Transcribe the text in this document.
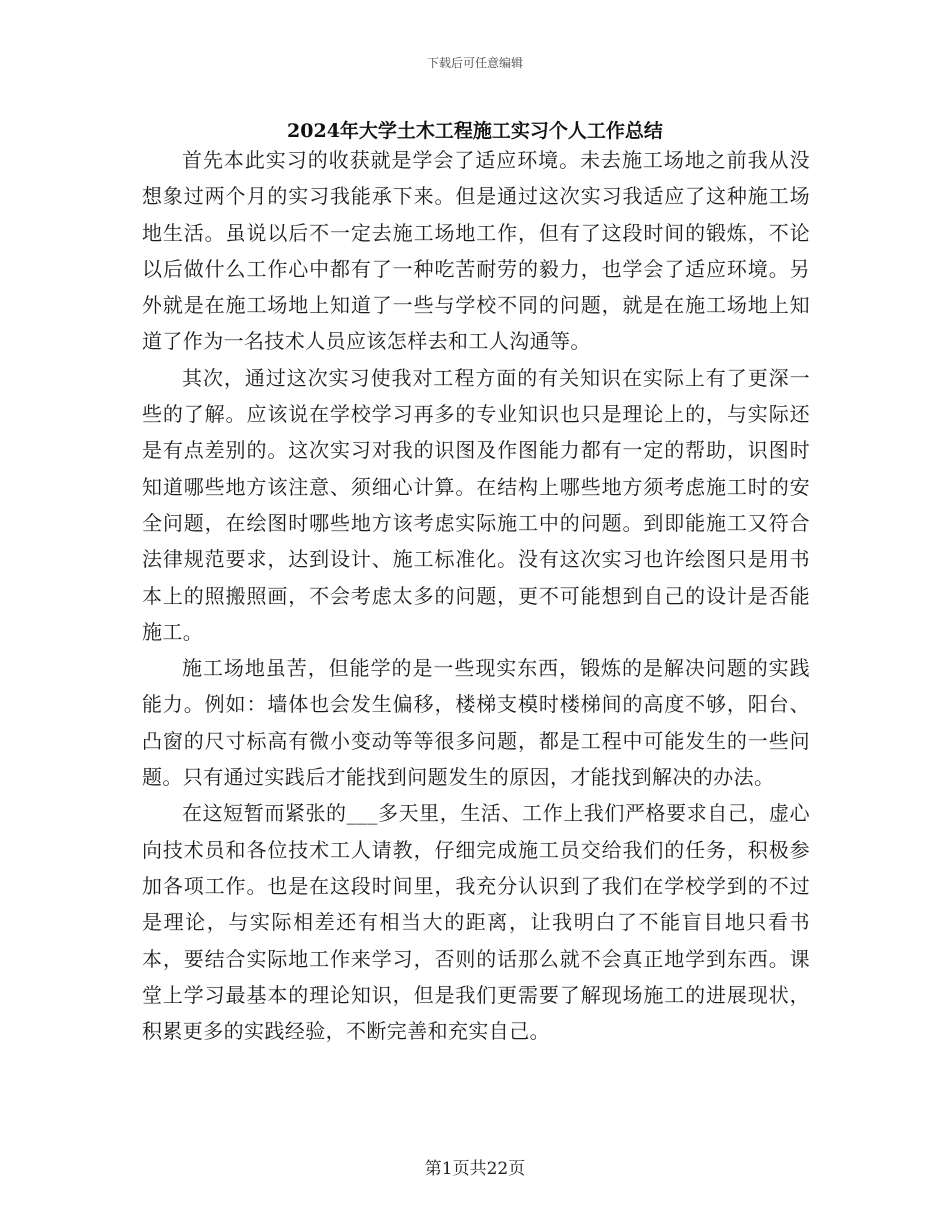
下载后可任意编辑
2024年大学土木工程施工实习个人工作总结

首先本此实习的收获就是学会了适应环境。未去施工场地之前我从没想象过两个月的实习我能承下来。但是通过这次实习我适应了这种施工场地生活。虽说以后不一定去施工场地工作，但有了这段时间的锻炼，不论以后做什么工作心中都有了一种吃苦耐劳的毅力，也学会了适应环境。另外就是在施工场地上知道了一些与学校不同的问题，就是在施工场地上知道了作为一名技术人员应该怎样去和工人沟通等。

其次，通过这次实习使我对工程方面的有关知识在实际上有了更深一些的了解。应该说在学校学习再多的专业知识也只是理论上的，与实际还是有点差别的。这次实习对我的识图及作图能力都有一定的帮助，识图时知道哪些地方该注意、须细心计算。在结构上哪些地方须考虑施工时的安全问题，在绘图时哪些地方该考虑实际施工中的问题。到即能施工又符合法律规范要求，达到设计、施工标准化。没有这次实习也许绘图只是用书本上的照搬照画，不会考虑太多的问题，更不可能想到自己的设计是否能施工。

施工场地虽苦，但能学的是一些现实东西，锻炼的是解决问题的实践能力。例如：墙体也会发生偏移，楼梯支模时楼梯间的高度不够，阳台、凸窗的尺寸标高有微小变动等等很多问题，都是工程中可能发生的一些问题。只有通过实践后才能找到问题发生的原因，才能找到解决的办法。

在这短暂而紧张的___多天里，生活、工作上我们严格要求自己，虚心向技术员和各位技术工人请教，仔细完成施工员交给我们的任务，积极参加各项工作。也是在这段时间里，我充分认识到了我们在学校学到的不过是理论，与实际相差还有相当大的距离，让我明白了不能盲目地只看书本，要结合实际地工作来学习，否则的话那么就不会真正地学到东西。课堂上学习最基本的理论知识，但是我们更需要了解现场施工的进展现状，积累更多的实践经验，不断完善和充实自己。

第1页共22页
